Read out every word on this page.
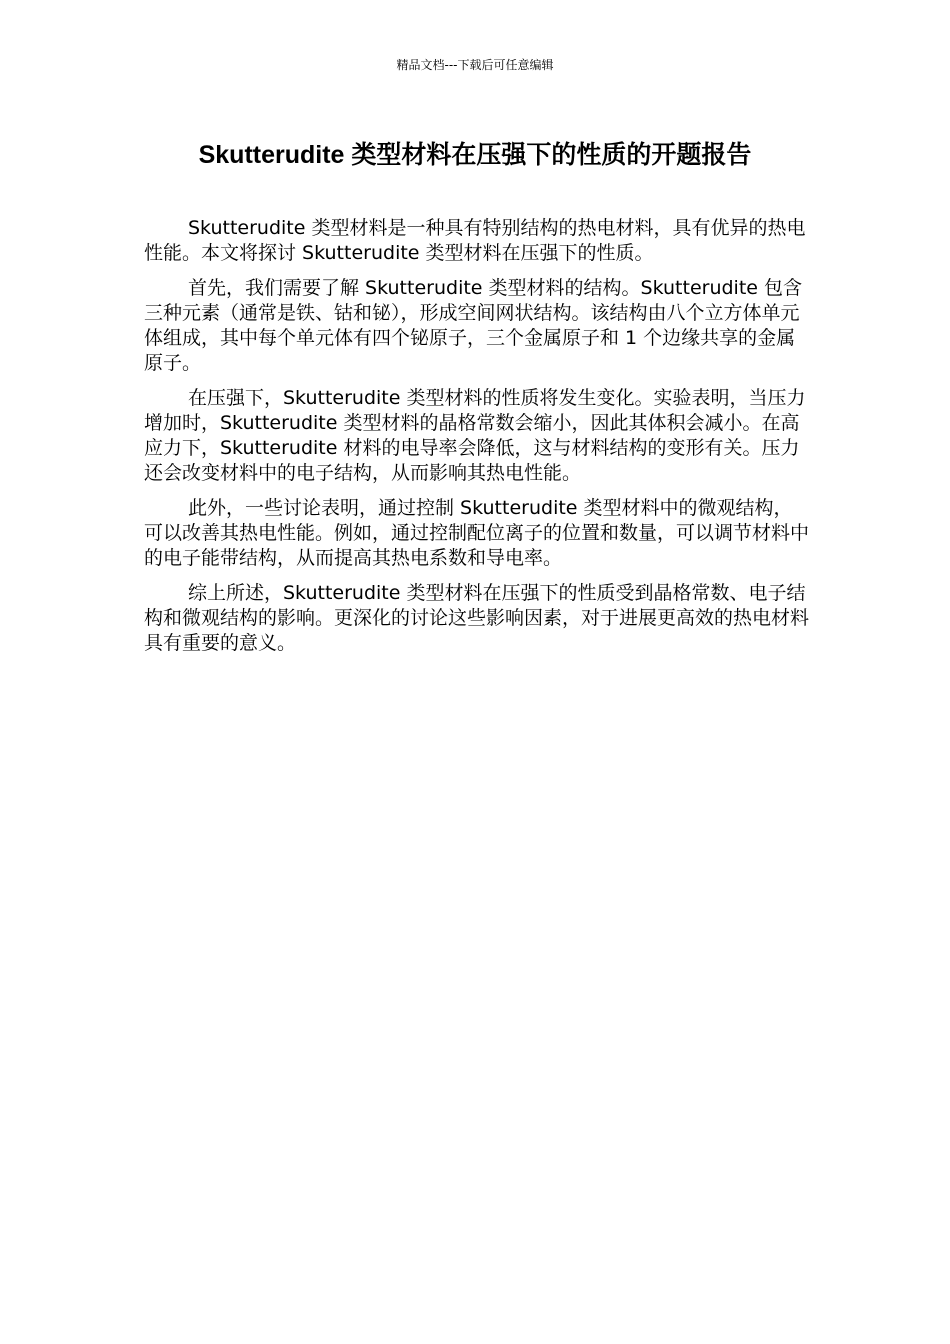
精品文档---下载后可任意编辑
Skutterudite 类型材料在压强下的性质的开题报告

Skutterudite 类型材料是一种具有特别结构的热电材料，具有优异的热电性能。本文将探讨 Skutterudite 类型材料在压强下的性质。

首先，我们需要了解 Skutterudite 类型材料的结构。Skutterudite 包含三种元素（通常是铁、钴和铋），形成空间网状结构。该结构由八个立方体单元体组成，其中每个单元体有四个铋原子，三个金属原子和 1 个边缘共享的金属原子。

在压强下，Skutterudite 类型材料的性质将发生变化。实验表明，当压力增加时，Skutterudite 类型材料的晶格常数会缩小，因此其体积会减小。在高应力下，Skutterudite 材料的电导率会降低，这与材料结构的变形有关。压力还会改变材料中的电子结构，从而影响其热电性能。

此外，一些讨论表明，通过控制 Skutterudite 类型材料中的微观结构，可以改善其热电性能。例如，通过控制配位离子的位置和数量，可以调节材料中的电子能带结构，从而提高其热电系数和导电率。

综上所述，Skutterudite 类型材料在压强下的性质受到晶格常数、电子结构和微观结构的影响。更深化的讨论这些影响因素，对于进展更高效的热电材料具有重要的意义。
